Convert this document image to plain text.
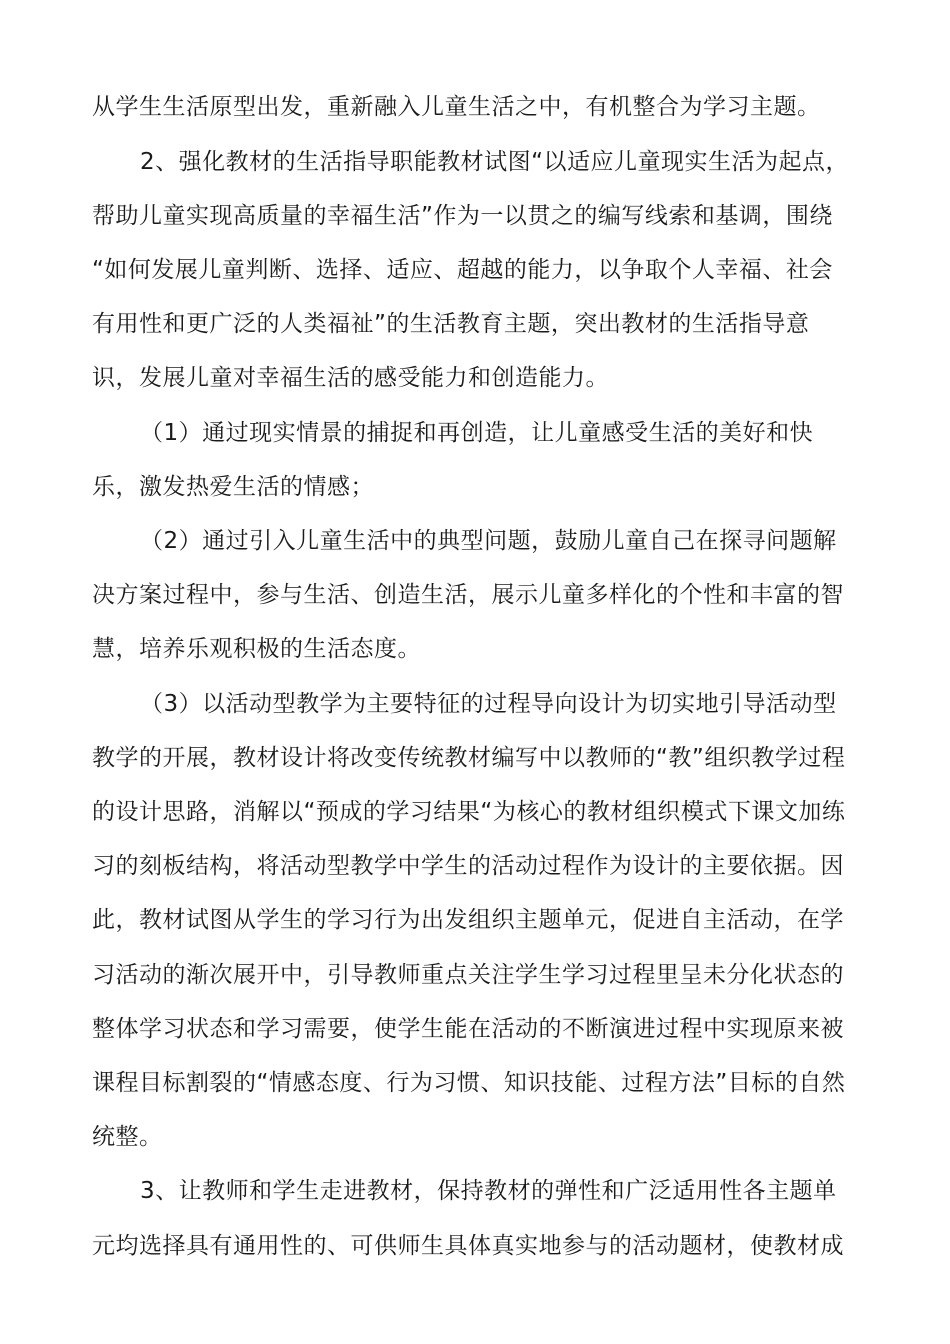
从学生生活原型出发，重新融入儿童生活之中，有机整合为学习主题。
2、强化教材的生活指导职能教材试图“以适应儿童现实生活为起点，
帮助儿童实现高质量的幸福生活”作为一以贯之的编写线索和基调，围绕
“如何发展儿童判断、选择、适应、超越的能力，以争取个人幸福、社会
有用性和更广泛的人类福祉”的生活教育主题，突出教材的生活指导意
识，发展儿童对幸福生活的感受能力和创造能力。
（1）通过现实情景的捕捉和再创造，让儿童感受生活的美好和快
乐，激发热爱生活的情感；
（2）通过引入儿童生活中的典型问题，鼓励儿童自己在探寻问题解
决方案过程中，参与生活、创造生活，展示儿童多样化的个性和丰富的智
慧，培养乐观积极的生活态度。
（3）以活动型教学为主要特征的过程导向设计为切实地引导活动型
教学的开展，教材设计将改变传统教材编写中以教师的“教”组织教学过程
的设计思路，消解以“预成的学习结果“为核心的教材组织模式下课文加练
习的刻板结构，将活动型教学中学生的活动过程作为设计的主要依据。因
此，教材试图从学生的学习行为出发组织主题单元，促进自主活动，在学
习活动的渐次展开中，引导教师重点关注学生学习过程里呈未分化状态的
整体学习状态和学习需要，使学生能在活动的不断演进过程中实现原来被
课程目标割裂的“情感态度、行为习惯、知识技能、过程方法”目标的自然
统整。
3、让教师和学生走进教材，保持教材的弹性和广泛适用性各主题单
元均选择具有通用性的、可供师生具体真实地参与的活动题材，使教材成
